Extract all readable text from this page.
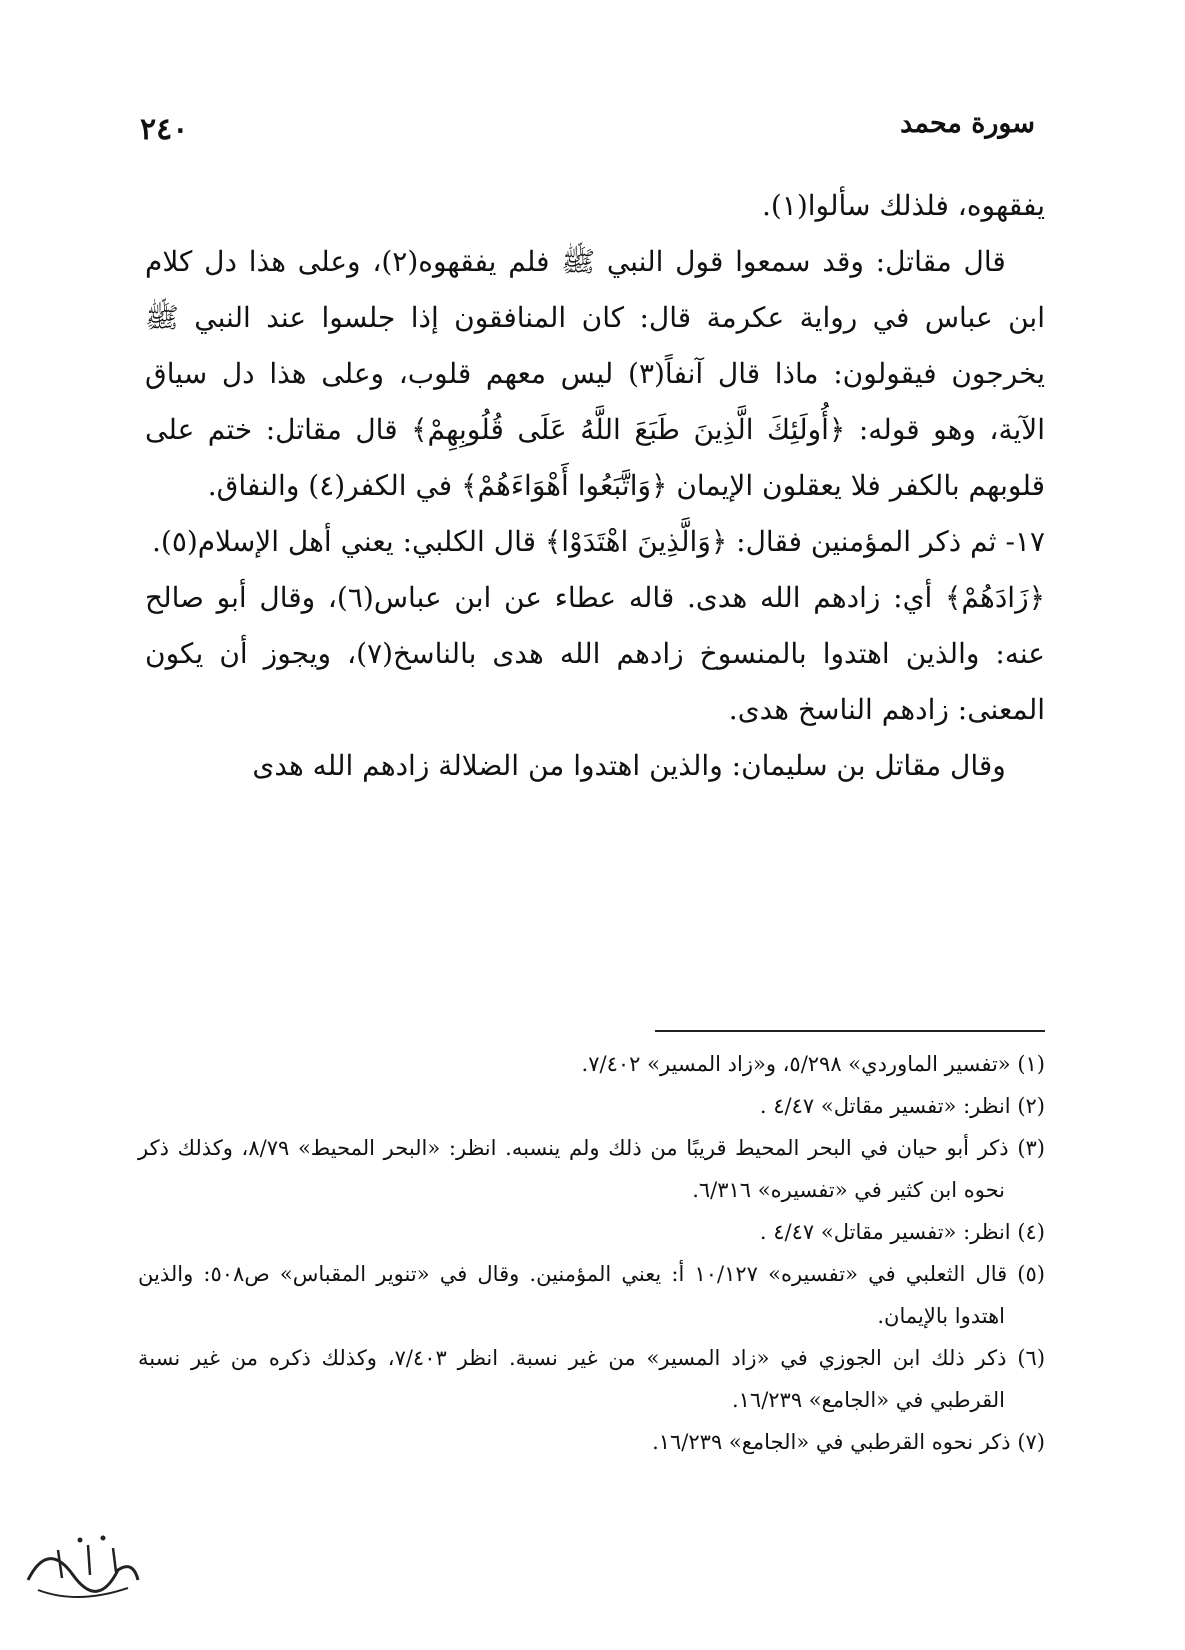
٢٤٠	سورة محمد

يفقهوه، فلذلك سألوا(١).

قال مقاتل: وقد سمعوا قول النبي ﷺ فلم يفقهوه(٢)، وعلى هذا دل كلام ابن عباس في رواية عكرمة قال: كان المنافقون إذا جلسوا عند النبي ﷺ يخرجون فيقولون: ماذا قال آنفاً(٣) ليس معهم قلوب، وعلى هذا دل سياق الآية، وهو قوله: ﴿أُولَئِكَ الَّذِينَ طَبَعَ اللَّهُ عَلَى قُلُوبِهِمْ﴾ قال مقاتل: ختم على قلوبهم بالكفر فلا يعقلون الإيمان ﴿وَاتَّبَعُوا أَهْوَاءَهُمْ﴾ في الكفر(٤) والنفاق.

١٧- ثم ذكر المؤمنين فقال: ﴿وَالَّذِينَ اهْتَدَوْا﴾ قال الكلبي: يعني أهل الإسلام(٥).

﴿زَادَهُمْ﴾ أي: زادهم الله هدى. قاله عطاء عن ابن عباس(٦)، وقال أبو صالح عنه: والذين اهتدوا بالمنسوخ زادهم الله هدى بالناسخ(٧)، ويجوز أن يكون المعنى: زادهم الناسخ هدى.

وقال مقاتل بن سليمان: والذين اهتدوا من الضلالة زادهم الله هدى

(١) «تفسير الماوردي» ٥/٢٩٨، و«زاد المسير» ٧/٤٠٢.

(٢) انظر: «تفسير مقاتل» ٤/٤٧ .

(٣) ذكر أبو حيان في البحر المحيط قريبًا من ذلك ولم ينسبه. انظر: «البحر المحيط» ٨/٧٩، وكذلك ذكر نحوه ابن كثير في «تفسيره» ٦/٣١٦.

(٤) انظر: «تفسير مقاتل» ٤/٤٧ .

(٥) قال الثعلبي في «تفسيره» ١٠/١٢٧ أ: يعني المؤمنين. وقال في «تنوير المقباس» ص٥٠٨: والذين اهتدوا بالإيمان.

(٦) ذكر ذلك ابن الجوزي في «زاد المسير» من غير نسبة. انظر ٧/٤٠٣، وكذلك ذكره من غير نسبة القرطبي في «الجامع» ١٦/٢٣٩.

(٧) ذكر نحوه القرطبي في «الجامع» ١٦/٢٣٩.
